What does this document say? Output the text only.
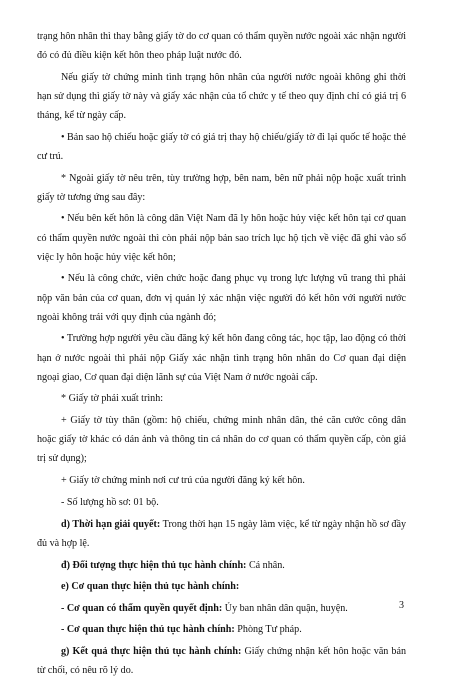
trạng hôn nhân thì thay bằng giấy tờ do cơ quan có thẩm quyền nước ngoài xác nhận người đó có đủ điều kiện kết hôn theo pháp luật nước đó.

Nếu giấy tờ chứng minh tình trạng hôn nhân của người nước ngoài không ghi thời hạn sử dụng thì giấy tờ này và giấy xác nhận của tổ chức y tế theo quy định chỉ có giá trị 6 tháng, kể từ ngày cấp.

• Bản sao hộ chiếu hoặc giấy tờ có giá trị thay hộ chiếu/giấy tờ đi lại quốc tế hoặc thẻ cư trú.

* Ngoài giấy tờ nêu trên, tùy trường hợp, bên nam, bên nữ phải nộp hoặc xuất trình giấy tờ tương ứng sau đây:

• Nếu bên kết hôn là công dân Việt Nam đã ly hôn hoặc hủy việc kết hôn tại cơ quan có thẩm quyền nước ngoài thì còn phải nộp bản sao trích lục hộ tịch về việc đã ghi vào sổ việc ly hôn hoặc hủy việc kết hôn;

• Nếu là công chức, viên chức hoặc đang phục vụ trong lực lượng vũ trang thì phải nộp văn bản của cơ quan, đơn vị quản lý xác nhận việc người đó kết hôn với người nước ngoài không trái với quy định của ngành đó;

• Trường hợp người yêu cầu đăng ký kết hôn đang công tác, học tập, lao động có thời hạn ở nước ngoài thì phải nộp Giấy xác nhận tình trạng hôn nhân do Cơ quan đại diện ngoại giao, Cơ quan đại diện lãnh sự của Việt Nam ở nước ngoài cấp.

* Giấy tờ phải xuất trình:

+ Giấy tờ tùy thân (gồm: hộ chiếu, chứng minh nhân dân, thẻ căn cước công dân hoặc giấy tờ khác có dán ảnh và thông tin cá nhân do cơ quan có thẩm quyền cấp, còn giá trị sử dụng);

+ Giấy tờ chứng minh nơi cư trú của người đăng ký kết hôn.

- Số lượng hồ sơ: 01 bộ.

d) Thời hạn giải quyết: Trong thời hạn 15 ngày làm việc, kể từ ngày nhận hồ sơ đầy đủ và hợp lệ.

đ) Đối tượng thực hiện thủ tục hành chính: Cá nhân.

e) Cơ quan thực hiện thủ tục hành chính:

- Cơ quan có thẩm quyền quyết định: Ủy ban nhân dân quận, huyện.

- Cơ quan thực hiện thủ tục hành chính: Phòng Tư pháp.

g) Kết quả thực hiện thủ tục hành chính: Giấy chứng nhận kết hôn hoặc văn bản từ chối, có nêu rõ lý do.

3
